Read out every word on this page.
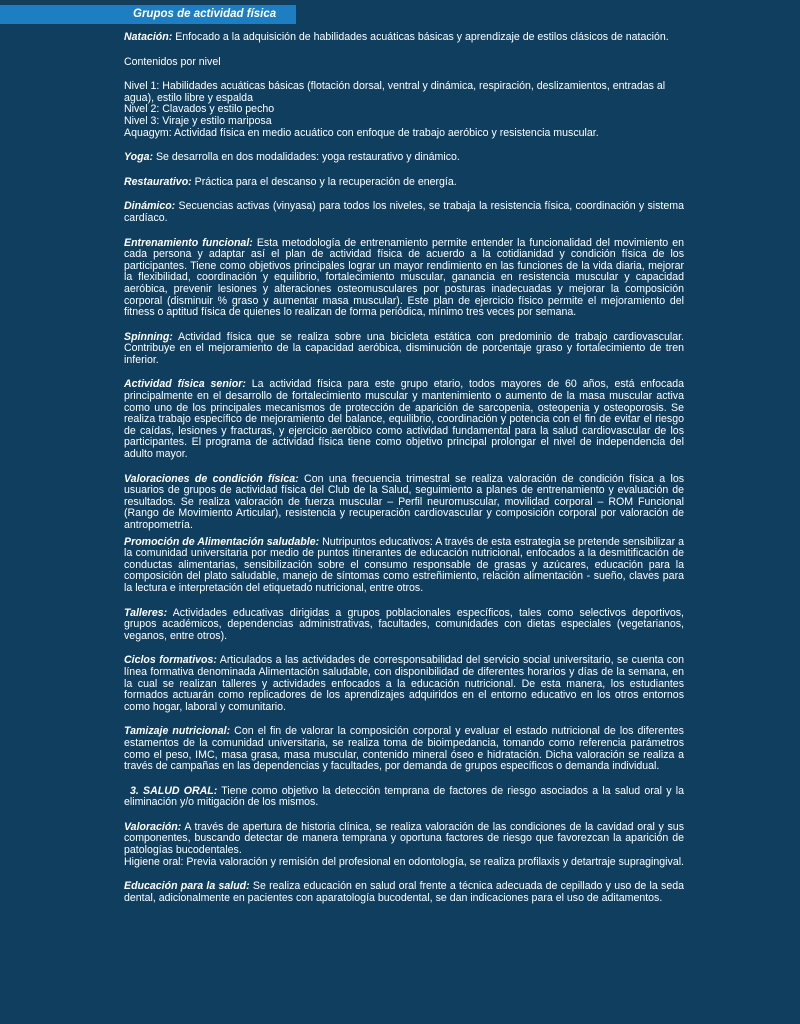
Grupos de actividad física

Natación: Enfocado a la adquisición de habilidades acuáticas básicas y aprendizaje de estilos clásicos de natación.

Contenidos por nivel

Nivel 1: Habilidades acuáticas básicas (flotación dorsal, ventral y dinámica, respiración, deslizamientos, entradas al agua), estilo libre y espalda
Nivel 2: Clavados y estilo pecho
Nivel 3: Viraje y estilo mariposa
Aquagym: Actividad física en medio acuático con enfoque de trabajo aeróbico y resistencia muscular.

Yoga: Se desarrolla en dos modalidades: yoga restaurativo y dinámico.

Restaurativo: Práctica para el descanso y la recuperación de energía.

Dinámico: Secuencias activas (vinyasa) para todos los niveles, se trabaja la resistencia física, coordinación y sistema cardíaco.

Entrenamiento funcional: Esta metodología de entrenamiento permite entender la funcionalidad del movimiento en cada persona y adaptar así el plan de actividad física de acuerdo a la cotidianidad y condición física de los participantes. Tiene como objetivos principales lograr un mayor rendimiento en las funciones de la vida diaria, mejorar la flexibilidad, coordinación y equilibrio, fortalecimiento muscular, ganancia en resistencia muscular y capacidad aeróbica, prevenir lesiones y alteraciones osteomusculares por posturas inadecuadas y mejorar la composición corporal (disminuir % graso y aumentar masa muscular). Este plan de ejercicio físico permite el mejoramiento del fitness o aptitud física de quienes lo realizan de forma periódica, mínimo tres veces por semana.

Spinning: Actividad física que se realiza sobre una bicicleta estática con predominio de trabajo cardiovascular. Contribuye en el mejoramiento de la capacidad aeróbica, disminución de porcentaje graso y fortalecimiento de tren inferior.

Actividad física senior: La actividad física para este grupo etario, todos mayores de 60 años, está enfocada principalmente en el desarrollo de fortalecimiento muscular y mantenimiento o aumento de la masa muscular activa como uno de los principales mecanismos de protección de aparición de sarcopenia, osteopenia y osteoporosis. Se realiza trabajo específico de mejoramiento del balance, equilibrio, coordinación y potencia con el fin de evitar el riesgo de caídas, lesiones y fracturas, y ejercicio aeróbico como actividad fundamental para la salud cardiovascular de los participantes. El programa de actividad física tiene como objetivo principal prolongar el nivel de independencia del adulto mayor.

Valoraciones de condición física: Con una frecuencia trimestral se realiza valoración de condición física a los usuarios de grupos de actividad física del Club de la Salud, seguimiento a planes de entrenamiento y evaluación de resultados. Se realiza valoración de fuerza muscular – Perfil neuromuscular, movilidad corporal – ROM Funcional (Rango de Movimiento Articular), resistencia y recuperación cardiovascular y composición corporal por valoración de antropometría.

Promoción de Alimentación saludable: Nutripuntos educativos: A través de esta estrategia se pretende sensibilizar a la comunidad universitaria por medio de puntos itinerantes de educación nutricional, enfocados a la desmitificación de conductas alimentarias, sensibilización sobre el consumo responsable de grasas y azúcares, educación para la composición del plato saludable, manejo de síntomas como estreñimiento, relación alimentación - sueño, claves para la lectura e interpretación del etiquetado nutricional, entre otros.

Talleres: Actividades educativas dirigidas a grupos poblacionales específicos, tales como selectivos deportivos, grupos académicos, dependencias administrativas, facultades, comunidades con dietas especiales (vegetarianos, veganos, entre otros).

Ciclos formativos: Articulados a las actividades de corresponsabilidad del servicio social universitario, se cuenta con línea formativa denominada Alimentación saludable, con disponibilidad de diferentes horarios y días de la semana, en la cual se realizan talleres y actividades enfocados a la educación nutricional. De esta manera, los estudiantes formados actuarán como replicadores de los aprendizajes adquiridos en el entorno educativo en los otros entornos como hogar, laboral y comunitario.

Tamizaje nutricional: Con el fin de valorar la composición corporal y evaluar el estado nutricional de los diferentes estamentos de la comunidad universitaria, se realiza toma de bioimpedancia, tomando como referencia parámetros como el peso, IMC, masa grasa, masa muscular, contenido mineral óseo e hidratación. Dicha valoración se realiza a través de campañas en las dependencias y facultades, por demanda de grupos específicos o demanda individual.

3. SALUD ORAL: Tiene como objetivo la detección temprana de factores de riesgo asociados a la salud oral y la eliminación y/o mitigación de los mismos.

Valoración: A través de apertura de historia clínica, se realiza valoración de las condiciones de la cavidad oral y sus componentes, buscando detectar de manera temprana y oportuna factores de riesgo que favorezcan la aparición de patologías bucodentales.
Higiene oral: Previa valoración y remisión del profesional en odontología, se realiza profilaxis y detartraje supragingival.

Educación para la salud: Se realiza educación en salud oral frente a técnica adecuada de cepillado y uso de la seda dental, adicionalmente en pacientes con aparatología bucodental, se dan indicaciones para el uso de aditamentos.
